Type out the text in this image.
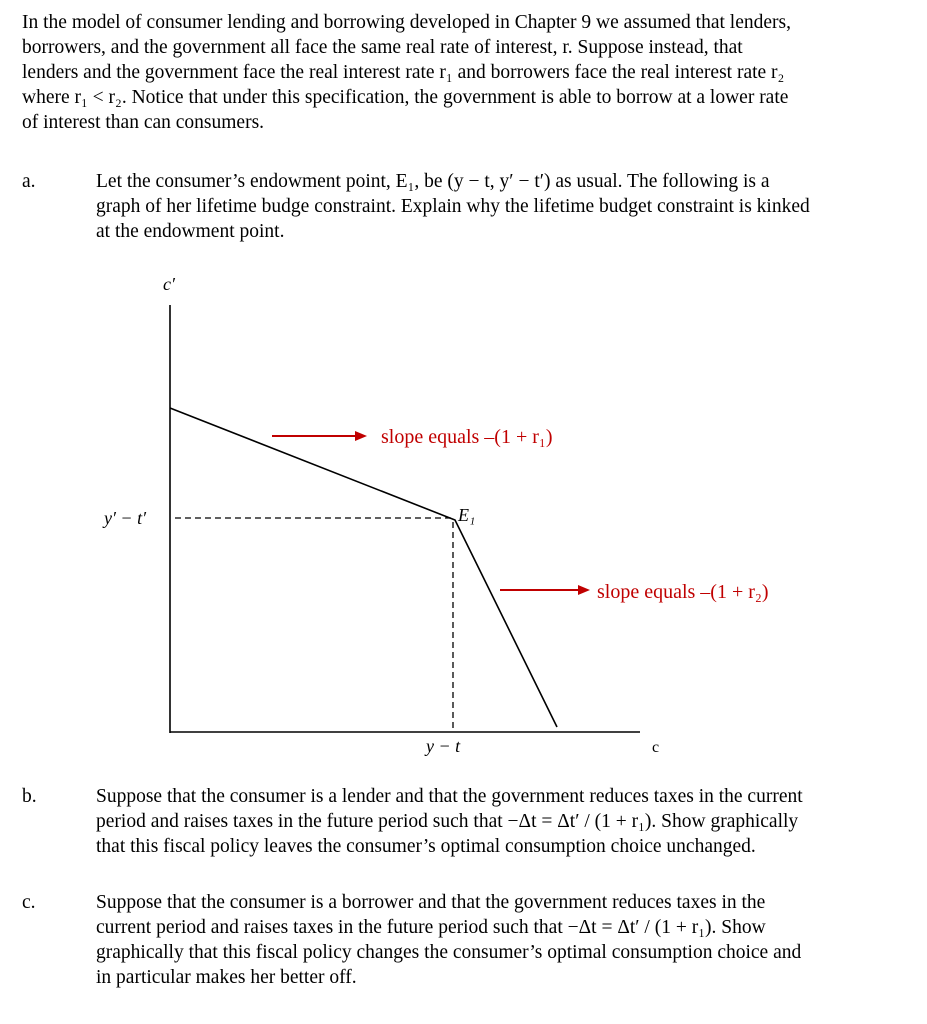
In the model of consumer lending and borrowing developed in Chapter 9 we assumed that lenders,
borrowers, and the government all face the same real rate of interest, r. Suppose instead, that
lenders and the government face the real interest rate r₁ and borrowers face the real interest rate r₂
where r₁ < r₂. Notice that under this specification, the government is able to borrow at a lower rate
of interest than can consumers.
a.	Let the consumer’s endowment point, E₁, be (y − t, y′ − t′) as usual. The following is a
graph of her lifetime budge constraint. Explain why the lifetime budget constraint is kinked
at the endowment point.
c′
c
y′ − t′
y − t
E₁
slope equals –(1 + r₁)
slope equals –(1 + r₂)
b.	Suppose that the consumer is a lender and that the government reduces taxes in the current
period and raises taxes in the future period such that −Δt = Δt′ / (1 + r₁). Show graphically
that this fiscal policy leaves the consumer’s optimal consumption choice unchanged.
c.	Suppose that the consumer is a borrower and that the government reduces taxes in the
current period and raises taxes in the future period such that −Δt = Δt′ / (1 + r₁). Show
graphically that this fiscal policy changes the consumer’s optimal consumption choice and
in particular makes her better off.
